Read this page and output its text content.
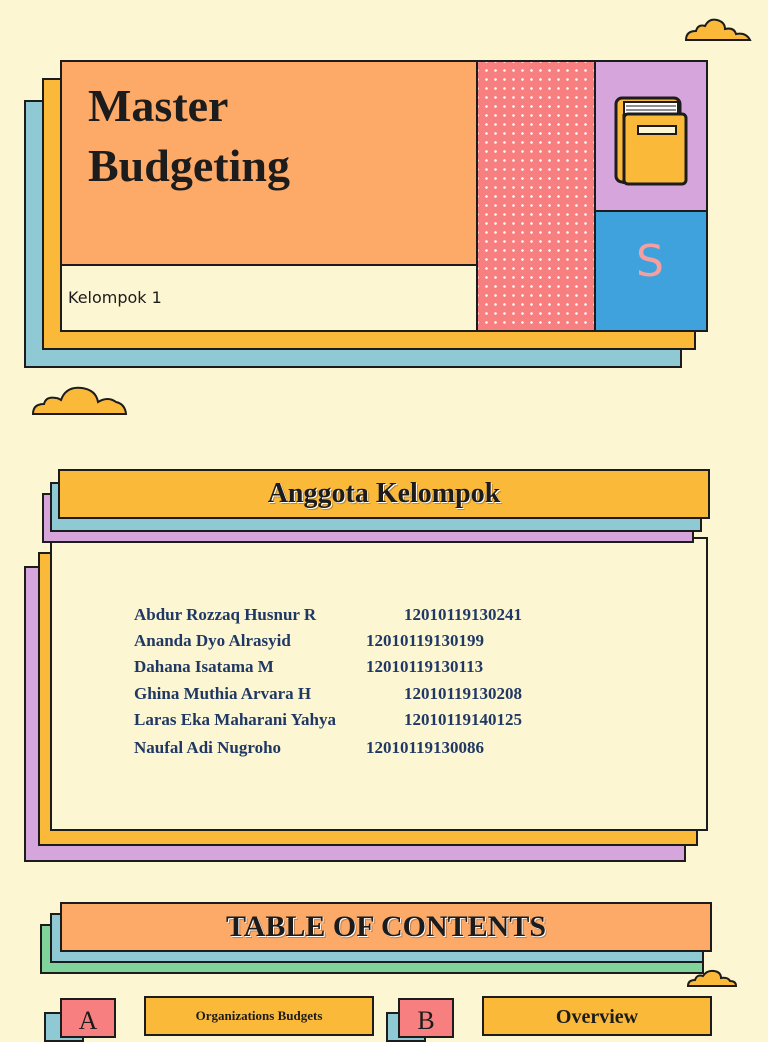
Master
Budgeting
Kelompok 1
S
Anggota Kelompok
Abdur Rozzaq Husnur R	12010119130241
Ananda Dyo Alrasyid	12010119130199
Dahana Isatama M	12010119130113
Ghina Muthia Arvara H	12010119130208
Laras Eka Maharani Yahya	12010119140125
Naufal Adi Nugroho	12010119130086
TABLE OF CONTENTS
A	Organizations Budgets	B	Overview
